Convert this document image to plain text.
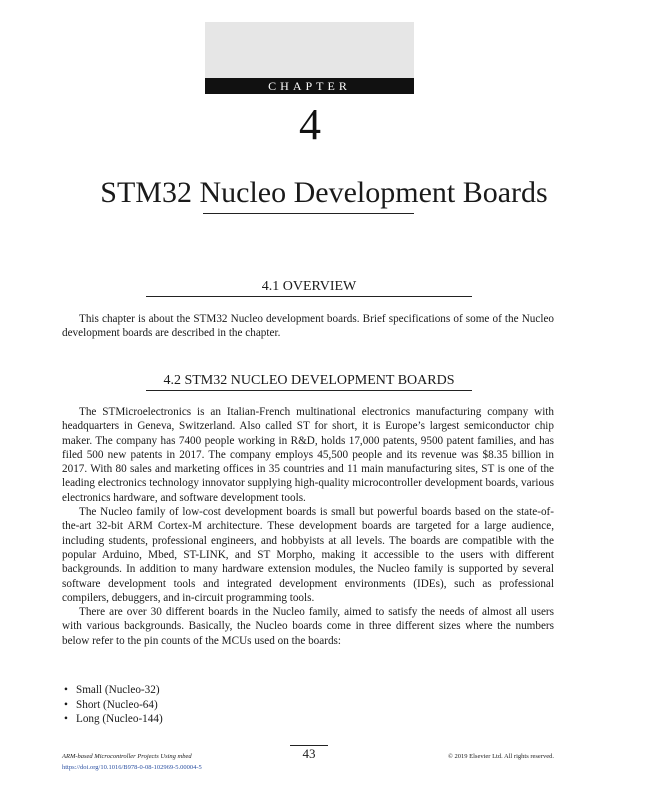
CHAPTER
4
STM32 Nucleo Development Boards
4.1 OVERVIEW

This chapter is about the STM32 Nucleo development boards. Brief specifications of some of the Nucleo development boards are described in the chapter.

4.2 STM32 NUCLEO DEVELOPMENT BOARDS

The STMicroelectronics is an Italian-French multinational electronics manufacturing company with headquarters in Geneva, Switzerland. Also called ST for short, it is Europe’s largest semiconductor chip maker. The company has 7400 people working in R&D, holds 17,000 patents, 9500 patent families, and has filed 500 new patents in 2017. The company employs 45,500 people and its revenue was $8.35 billion in 2017. With 80 sales and marketing offices in 35 countries and 11 main manufacturing sites, ST is one of the leading electronics technology innovator supplying high-quality microcontroller development boards, various electronics hardware, and software development tools.

The Nucleo family of low-cost development boards is small but powerful boards based on the state-of-the-art 32-bit ARM Cortex-M architecture. These development boards are targeted for a large audience, including students, professional engineers, and hobbyists at all levels. The boards are compatible with the popular Arduino, Mbed, ST-LINK, and ST Morpho, making it accessible to the users with different backgrounds. In addition to many hardware extension modules, the Nucleo family is supported by several software development tools and integrated development environments (IDEs), such as professional compilers, debuggers, and in-circuit programming tools.

There are over 30 different boards in the Nucleo family, aimed to satisfy the needs of almost all users with various backgrounds. Basically, the Nucleo boards come in three different sizes where the numbers below refer to the pin counts of the MCUs used on the boards:

• Small (Nucleo-32)
• Short (Nucleo-64)
• Long (Nucleo-144)
43
ARM-based Microcontroller Projects Using mbed
https://doi.org/10.1016/B978-0-08-102969-5.00004-5
© 2019 Elsevier Ltd. All rights reserved.
